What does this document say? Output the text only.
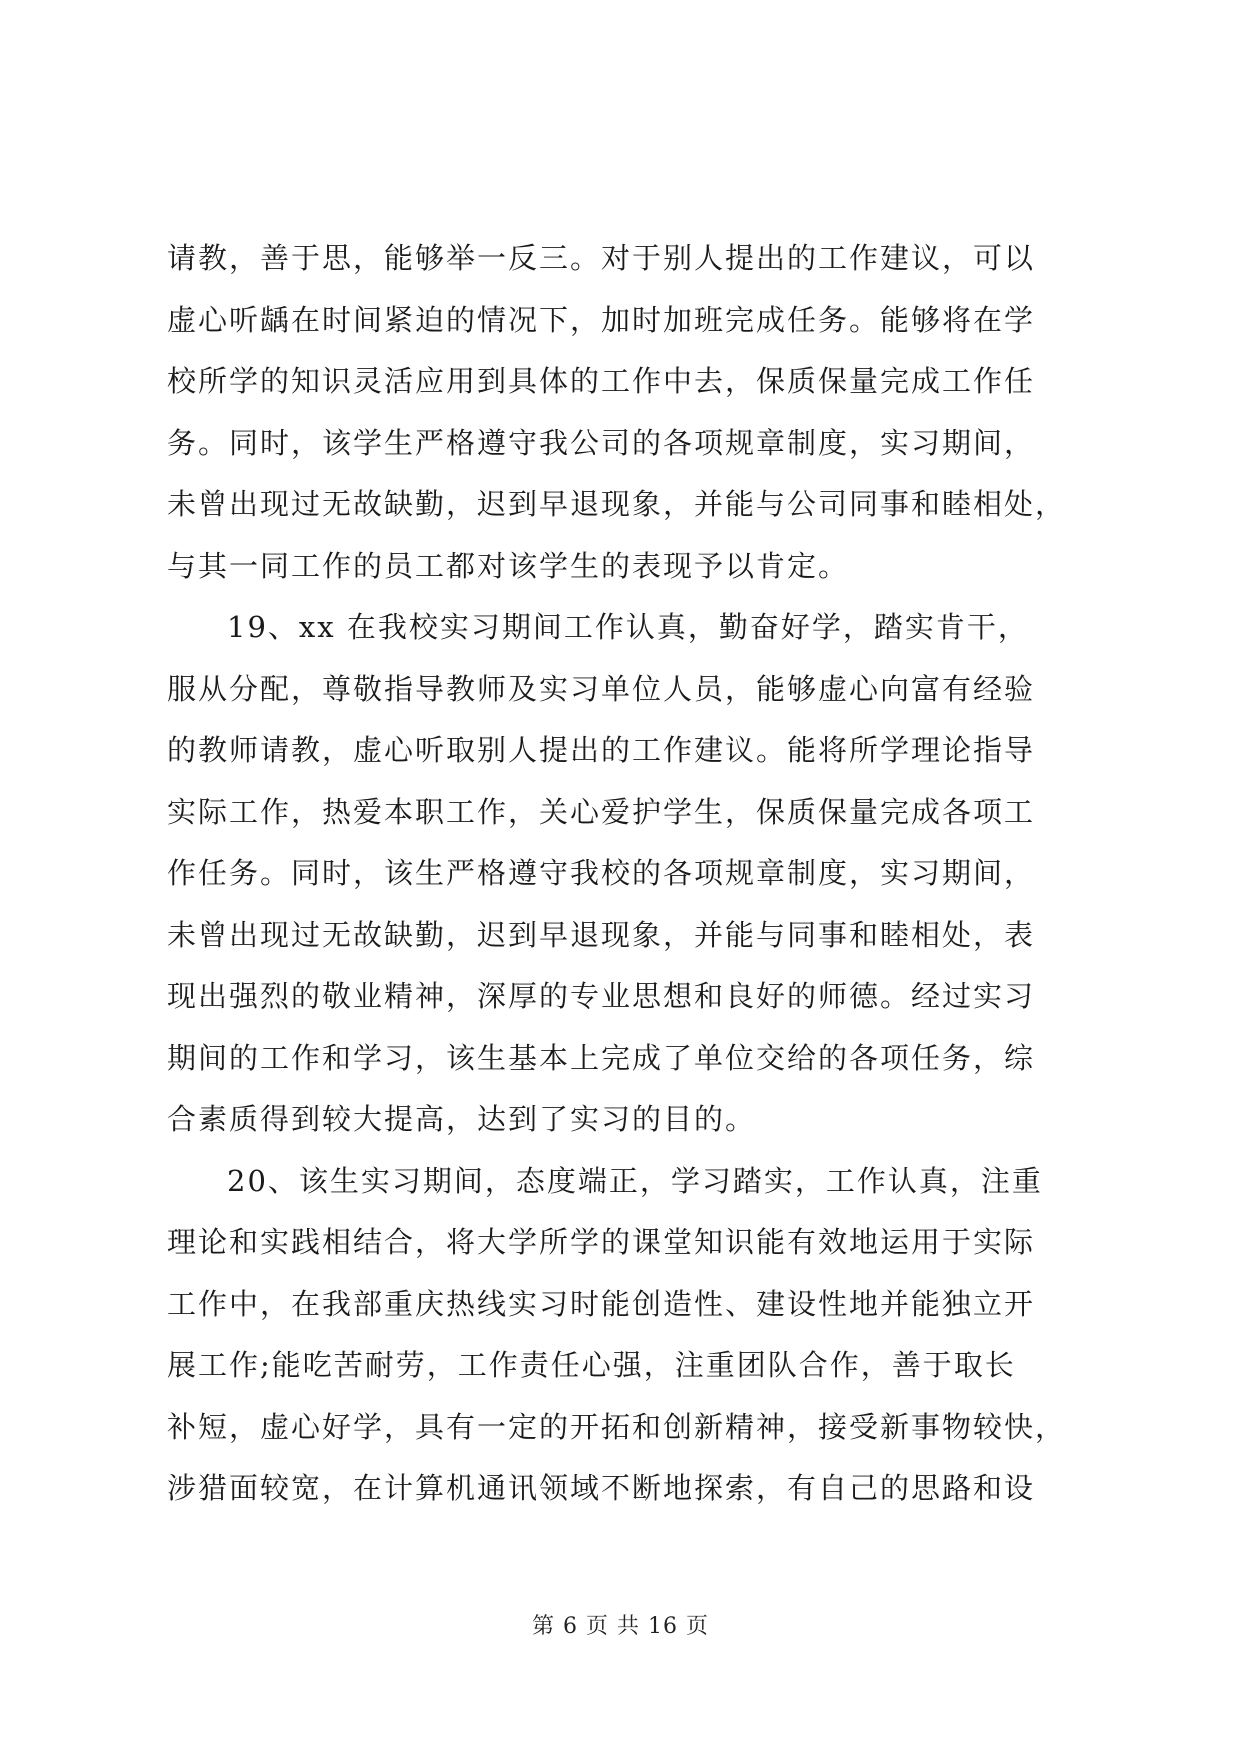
请教，善于思，能够举一反三。对于别人提出的工作建议，可以
虚心听龋在时间紧迫的情况下，加时加班完成任务。能够将在学
校所学的知识灵活应用到具体的工作中去，保质保量完成工作任
务。同时，该学生严格遵守我公司的各项规章制度，实习期间，
未曾出现过无故缺勤，迟到早退现象，并能与公司同事和睦相处，
与其一同工作的员工都对该学生的表现予以肯定。
19、xx 在我校实习期间工作认真，勤奋好学，踏实肯干，
服从分配，尊敬指导教师及实习单位人员，能够虚心向富有经验
的教师请教，虚心听取别人提出的工作建议。能将所学理论指导
实际工作，热爱本职工作，关心爱护学生，保质保量完成各项工
作任务。同时，该生严格遵守我校的各项规章制度，实习期间，
未曾出现过无故缺勤，迟到早退现象，并能与同事和睦相处，表
现出强烈的敬业精神，深厚的专业思想和良好的师德。经过实习
期间的工作和学习，该生基本上完成了单位交给的各项任务，综
合素质得到较大提高，达到了实习的目的。
20、该生实习期间，态度端正，学习踏实，工作认真，注重
理论和实践相结合，将大学所学的课堂知识能有效地运用于实际
工作中，在我部重庆热线实习时能创造性、建设性地并能独立开
展工作;能吃苦耐劳，工作责任心强，注重团队合作，善于取长
补短，虚心好学，具有一定的开拓和创新精神，接受新事物较快，
涉猎面较宽，在计算机通讯领域不断地探索，有自己的思路和设
第 6 页 共 16 页
